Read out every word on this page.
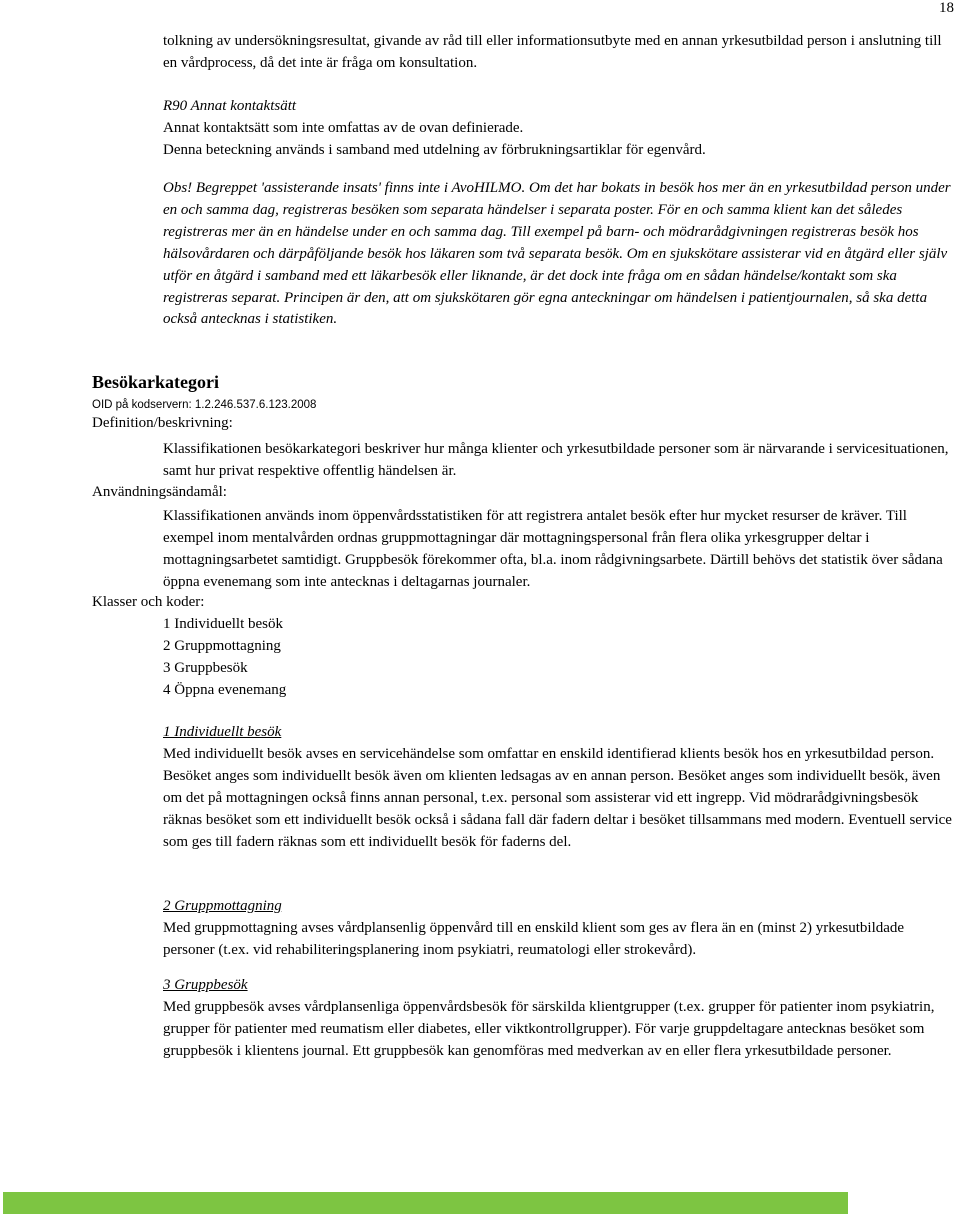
18

tolkning av undersökningsresultat, givande av råd till eller informationsutbyte med en annan yrkesutbildad person i anslutning till en vårdprocess, då det inte är fråga om konsultation.

R90 Annat kontaktsätt
Annat kontaktsätt som inte omfattas av de ovan definierade.
Denna beteckning används i samband med utdelning av förbrukningsartiklar för egenvård.

Obs! Begreppet 'assisterande insats' finns inte i AvoHILMO. Om det har bokats in besök hos mer än en yrkesutbildad person under en och samma dag, registreras besöken som separata händelser i separata poster. För en och samma klient kan det således registreras mer än en händelse under en och samma dag. Till exempel på barn- och mödrarådgivningen registreras besök hos hälsovårdaren och därpåföljande besök hos läkaren som två separata besök. Om en sjukskötare assisterar vid en åtgärd eller själv utför en åtgärd i samband med ett läkarbesök eller liknande, är det dock inte fråga om en sådan händelse/kontakt som ska registreras separat. Principen är den, att om sjukskötaren gör egna anteckningar om händelsen i patientjournalen, så ska detta också antecknas i statistiken.

Besökarkategori
OID på kodservern: 1.2.246.537.6.123.2008
Definition/beskrivning:

Klassifikationen besökarkategori beskriver hur många klienter och yrkesutbildade personer som är närvarande i servicesituationen, samt hur privat respektive offentlig händelsen är.

Användningsändamål:

Klassifikationen används inom öppenvårdsstatistiken för att registrera antalet besök efter hur mycket resurser de kräver. Till exempel inom mentalvården ordnas gruppmottagningar där mottagningspersonal från flera olika yrkesgrupper deltar i mottagningsarbetet samtidigt. Gruppbesök förekommer ofta, bl.a. inom rådgivningsarbete. Därtill behövs det statistik över sådana öppna evenemang som inte antecknas i deltagarnas journaler.

Klasser och koder:
1 Individuellt besök
2 Gruppmottagning
3 Gruppbesök
4 Öppna evenemang
1 Individuellt besök
Med individuellt besök avses en servicehändelse som omfattar en enskild identifierad klients besök hos en yrkesutbildad person. Besöket anges som individuellt besök även om klienten ledsagas av en annan person. Besöket anges som individuellt besök, även om det på mottagningen också finns annan personal, t.ex. personal som assisterar vid ett ingrepp. Vid mödrarådgivningsbesök räknas besöket som ett individuellt besök också i sådana fall där fadern deltar i besöket tillsammans med modern. Eventuell service som ges till fadern räknas som ett individuellt besök för faderns del.
2 Gruppmottagning
Med gruppmottagning avses vårdplansenlig öppenvård till en enskild klient som ges av flera än en (minst 2) yrkesutbildade personer (t.ex. vid rehabiliteringsplanering inom psykiatri, reumatologi eller strokevård).
3 Gruppbesök
Med gruppbesök avses vårdplansenliga öppenvårdsbesök för särskilda klientgrupper (t.ex. grupper för patienter inom psykiatrin, grupper för patienter med reumatism eller diabetes, eller viktkontrollgrupper). För varje gruppdeltagare antecknas besöket som gruppbesök i klientens journal. Ett gruppbesök kan genomföras med medverkan av en eller flera yrkesutbildade personer.
